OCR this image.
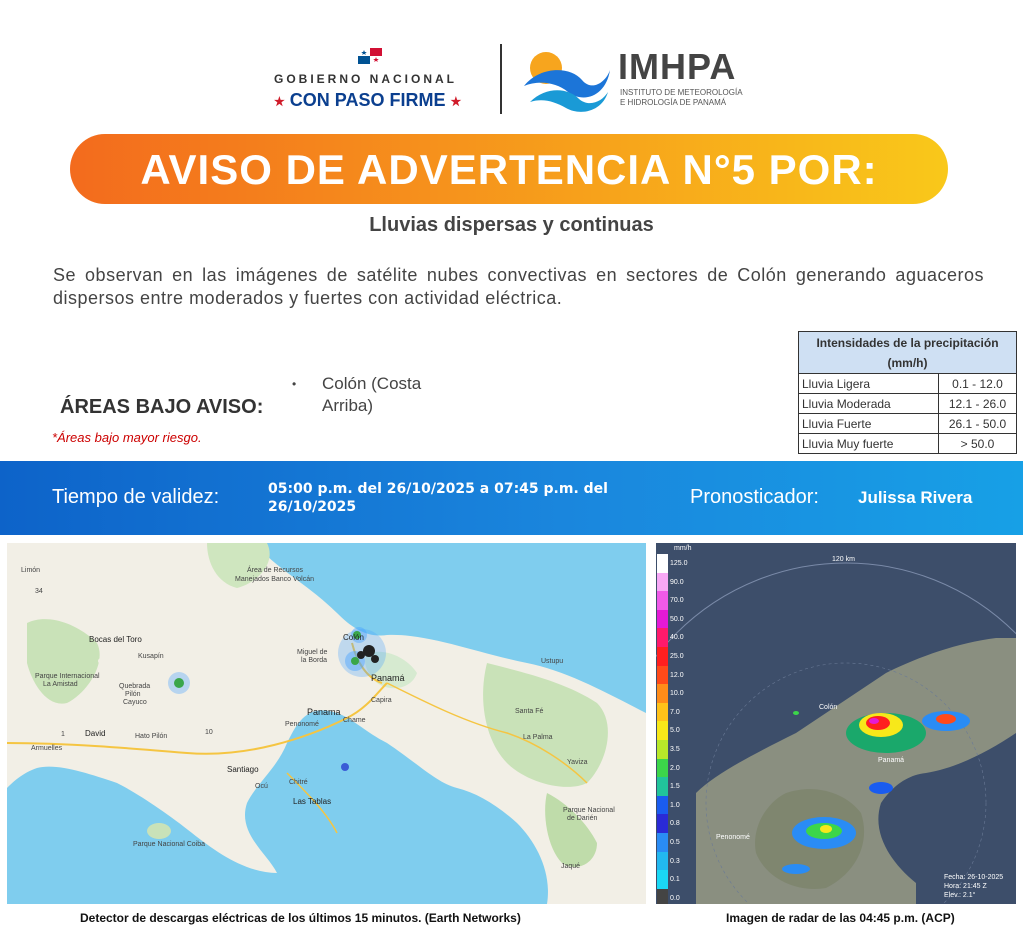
GOBIERNO NACIONAL
★ CON PASO FIRME ★
IMHPA
INSTITUTO DE METEOROLOGÍA
E HIDROLOGÍA DE PANAMÁ
AVISO DE ADVERTENCIA N°5 POR:
Lluvias dispersas y continuas
Se observan en las imágenes de satélite nubes convectivas en sectores de Colón generando aguaceros dispersos entre moderados y fuertes con actividad eléctrica.
ÁREAS BAJO AVISO:
• Colón (Costa Arriba)
*Áreas bajo mayor riesgo.
Intensidades de la precipitación (mm/h)	
Lluvia Ligera	0.1 - 12.0
Lluvia Moderada	12.1 - 26.0
Lluvia Fuerte	26.1 - 50.0
Lluvia Muy fuerte	> 50.0
Tiempo de validez:	05:00 p.m. del 26/10/2025 a 07:45 p.m. del 26/10/2025	Pronosticador: Julissa Rivera
Limón
34
Área de Recursos
Manejados Banco Volcán
Bocas del Toro
Kusapín
Parque Internacional
La Amistad	Quebrada
Pilón
Cayuco
Colón
Miguel de
la Borda
Panamá
Panama
Penonomé
Chame
Capira
David	Hato Pilón
Armuelles
Santiago
Chitré
Ocú
Las Tablas
Parque Nacional Coiba
Santa Fé
La Palma
Yaviza
Ustupu
Parque Nacional
de Darién
Jaqué
1	10
Detector de descargas eléctricas de los últimos 15 minutos. (Earth Networks)
mm/h
125.0
90.0
70.0
50.0
40.0
25.0
12.0
10.0
7.0
5.0
3.5
2.0
1.5
1.0
0.8
0.5
0.3
0.1
0.0
120 km
Colón
Panamá
Penonomé
Fecha: 26-10-2025
Hora: 21:45 Z
Elev.: 2.1°
Imagen de radar de las 04:45 p.m. (ACP)
